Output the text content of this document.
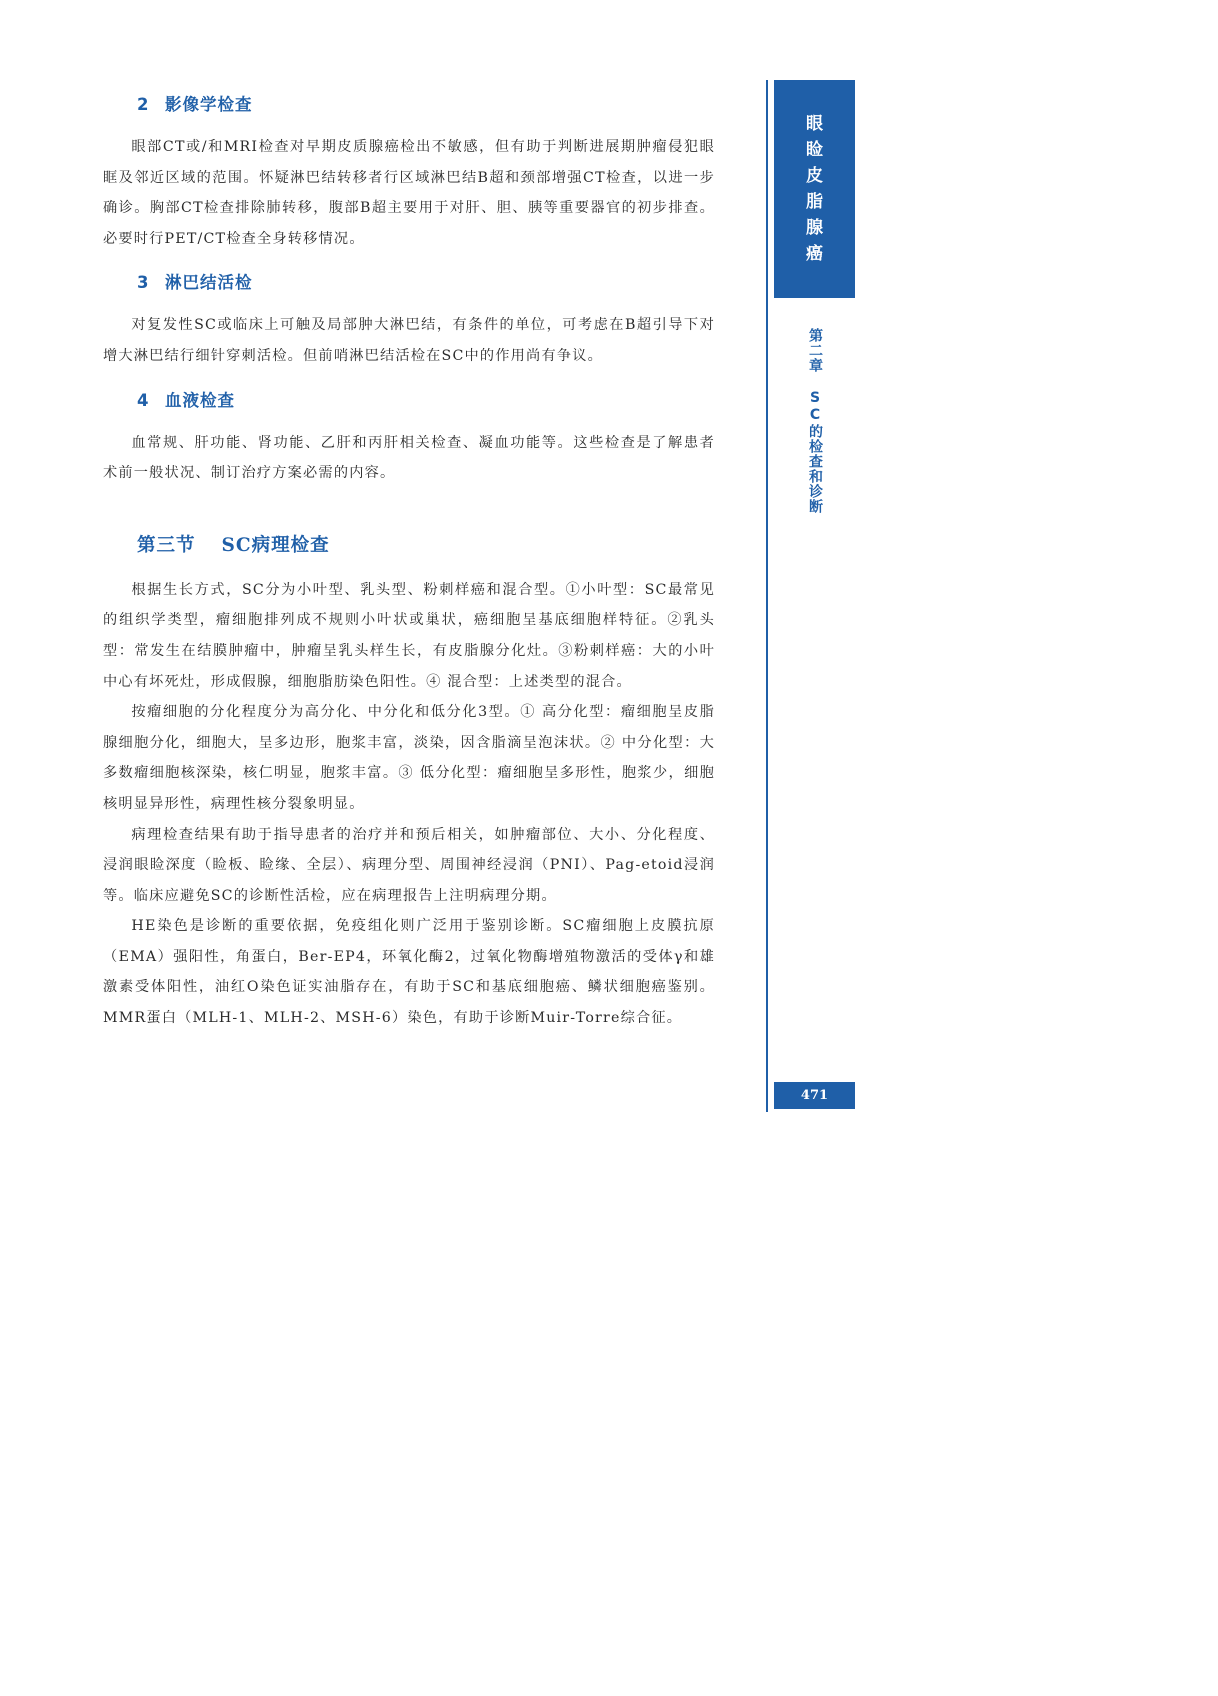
2 影像学检查

眼部CT或/和MRI检查对早期皮质腺癌检出不敏感，但有助于判断进展期肿瘤侵犯眼眶及邻近区域的范围。怀疑淋巴结转移者行区域淋巴结B超和颈部增强CT检查，以进一步确诊。胸部CT检查排除肺转移，腹部B超主要用于对肝、胆、胰等重要器官的初步排查。必要时行PET/CT检查全身转移情况。

3 淋巴结活检

对复发性SC或临床上可触及局部肿大淋巴结，有条件的单位，可考虑在B超引导下对增大淋巴结行细针穿刺活检。但前哨淋巴结活检在SC中的作用尚有争议。

4 血液检查

血常规、肝功能、肾功能、乙肝和丙肝相关检查、凝血功能等。这些检查是了解患者术前一般状况、制订治疗方案必需的内容。

第三节 SC病理检查

根据生长方式，SC分为小叶型、乳头型、粉刺样癌和混合型。①小叶型：SC最常见的组织学类型，瘤细胞排列成不规则小叶状或巢状，癌细胞呈基底细胞样特征。②乳头型：常发生在结膜肿瘤中，肿瘤呈乳头样生长，有皮脂腺分化灶。③粉刺样癌：大的小叶中心有坏死灶，形成假腺，细胞脂肪染色阳性。④ 混合型：上述类型的混合。

按瘤细胞的分化程度分为高分化、中分化和低分化3型。① 高分化型：瘤细胞呈皮脂腺细胞分化，细胞大，呈多边形，胞浆丰富，淡染，因含脂滴呈泡沫状。② 中分化型：大多数瘤细胞核深染，核仁明显，胞浆丰富。③ 低分化型：瘤细胞呈多形性，胞浆少，细胞核明显异形性，病理性核分裂象明显。

病理检查结果有助于指导患者的治疗并和预后相关，如肿瘤部位、大小、分化程度、浸润眼睑深度（睑板、睑缘、全层）、病理分型、周围神经浸润（PNI）、Pag-etoid浸润等。临床应避免SC的诊断性活检，应在病理报告上注明病理分期。

HE染色是诊断的重要依据，免疫组化则广泛用于鉴别诊断。SC瘤细胞上皮膜抗原（EMA）强阳性，角蛋白，Ber-EP4，环氧化酶2，过氧化物酶增殖物激活的受体γ和雄激素受体阳性，油红O染色证实油脂存在，有助于SC和基底细胞癌、鳞状细胞癌鉴别。MMR蛋白（MLH-1、MLH-2、MSH-6）染色，有助于诊断Muir-Torre综合征。

眼
睑
皮
脂
腺
癌
第二章 SC的检查和诊断
471
